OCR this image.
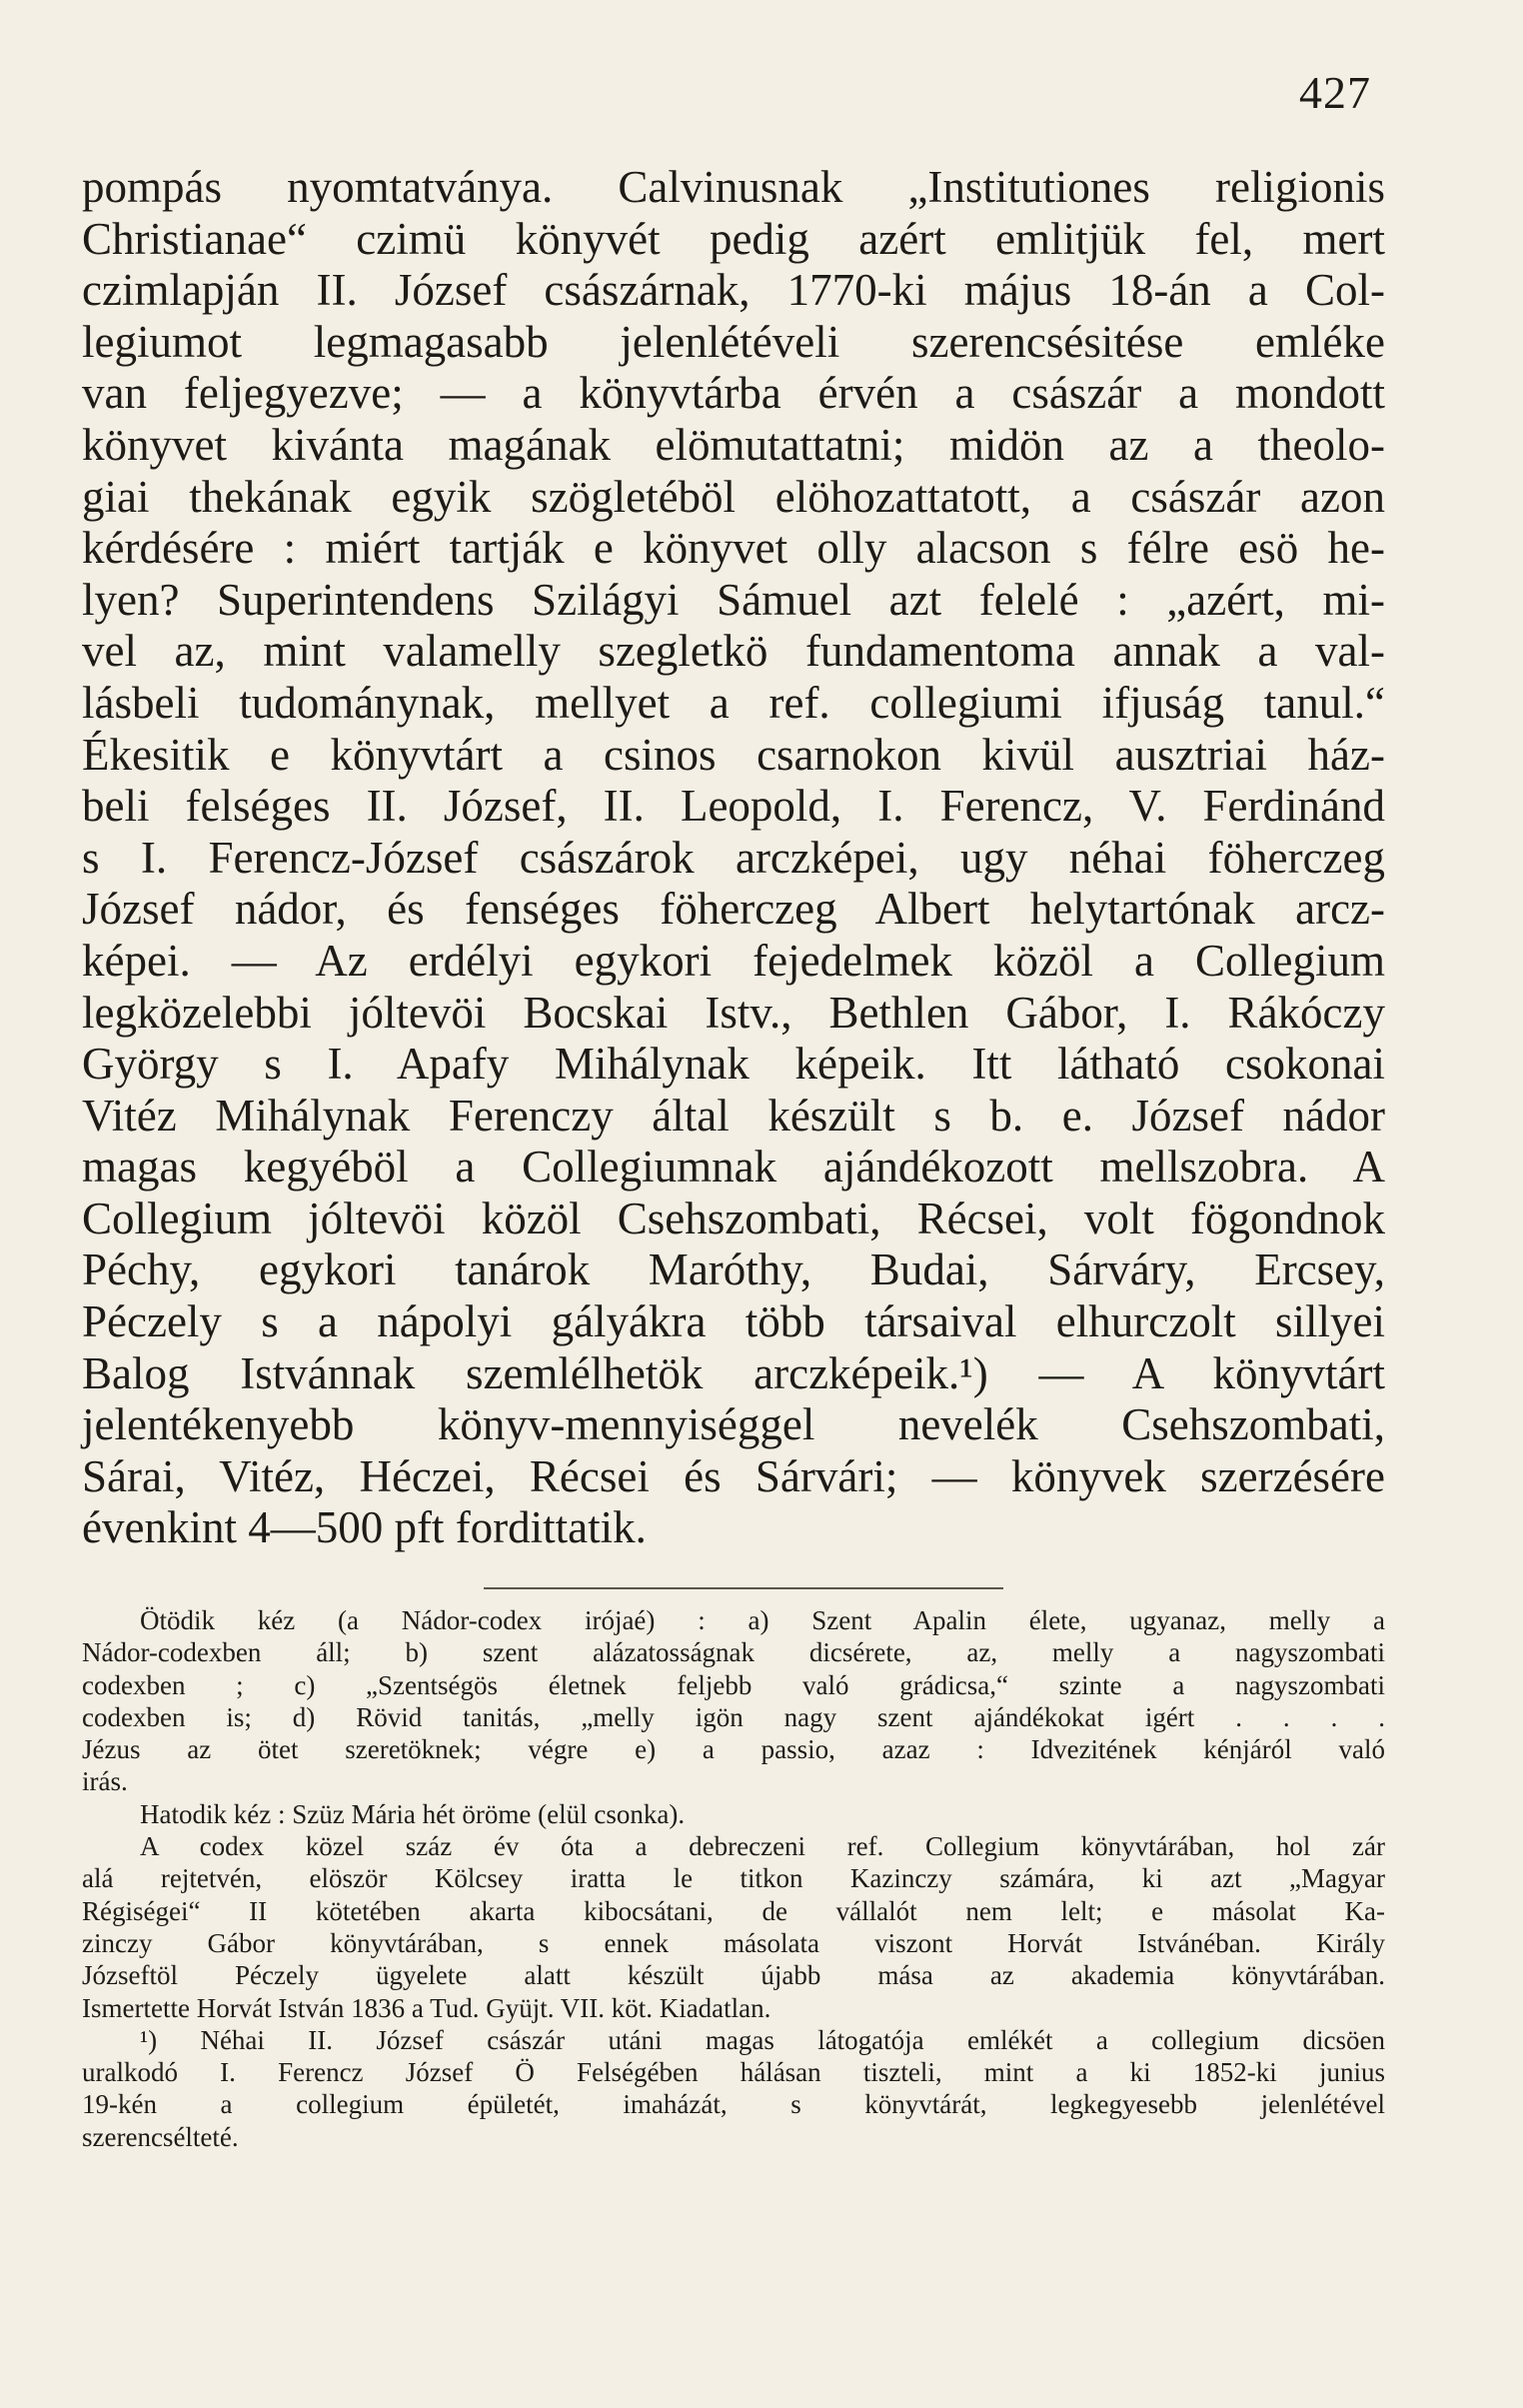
427
pompás nyomtatványa. Calvinusnak „Institutiones religionis
Christianae“ czimü könyvét pedig azért emlitjük fel, mert
czimlapján II. József császárnak, 1770-ki május 18-án a Col-
legiumot legmagasabb jelenlétéveli szerencsésitése emléke
van feljegyezve; — a könyvtárba érvén a császár a mondott
könyvet kivánta magának elömutattatni; midön az a theolo-
giai thekának egyik szögletéböl elöhozattatott, a császár azon
kérdésére : miért tartják e könyvet olly alacson s félre esö he-
lyen? Superintendens Szilágyi Sámuel azt felelé : „azért, mi-
vel az, mint valamelly szegletkö fundamentoma annak a val-
lásbeli tudománynak, mellyet a ref. collegiumi ifjuság tanul.“
Ékesitik e könyvtárt a csinos csarnokon kivül ausztriai ház-
beli felséges II. József, II. Leopold, I. Ferencz, V. Ferdinánd
s I. Ferencz-József császárok arczképei, ugy néhai föherczeg
József nádor, és fenséges föherczeg Albert helytartónak arcz-
képei. — Az erdélyi egykori fejedelmek közöl a Collegium
legközelebbi jóltevöi Bocskai Istv., Bethlen Gábor, I. Rákóczy
György s I. Apafy Mihálynak képeik. Itt látható csokonai
Vitéz Mihálynak Ferenczy által készült s b. e. József nádor
magas kegyéböl a Collegiumnak ajándékozott mellszobra. A
Collegium jóltevöi közöl Csehszombati, Récsei, volt fögondnok
Péchy, egykori tanárok Maróthy, Budai, Sárváry, Ercsey,
Péczely s a nápolyi gályákra több társaival elhurczolt sillyei
Balog Istvánnak szemlélhetök arczképeik.¹) — A könyvtárt
jelentékenyebb könyv-mennyiséggel nevelék Csehszombati,
Sárai, Vitéz, Héczei, Récsei és Sárvári; — könyvek szerzésére
évenkint 4—500 pft fordittatik.
Ötödik kéz (a Nádor-codex irójaé) : a) Szent Apalin élete, ugyanaz, melly a
Nádor-codexben áll; b) szent alázatosságnak dicsérete, az, melly a nagyszombati
codexben ; c) „Szentségös életnek feljebb való grádicsa,“ szinte a nagyszombati
codexben is; d) Rövid tanitás, „melly igön nagy szent ajándékokat igért . . . .
Jézus az ötet szeretöknek; végre e) a passio, azaz : Idvezitének kénjáról való
irás.
Hatodik kéz : Szüz Mária hét öröme (elül csonka).
A codex közel száz év óta a debreczeni ref. Collegium könyvtárában, hol zár
alá rejtetvén, elöször Kölcsey iratta le titkon Kazinczy számára, ki azt „Magyar
Régiségei“ II kötetében akarta kibocsátani, de vállalót nem lelt; e másolat Ka-
zinczy Gábor könyvtárában, s ennek másolata viszont Horvát Istvánéban. Király
Józseftöl Péczely ügyelete alatt készült újabb mása az akademia könyvtárában.
Ismertette Horvát István 1836 a Tud. Gyüjt. VII. köt. Kiadatlan.
¹) Néhai II. József császár utáni magas látogatója emlékét a collegium dicsöen
uralkodó I. Ferencz József Ö Felségében hálásan tiszteli, mint a ki 1852-ki junius
19-kén a collegium épületét, imaházát, s könyvtárát, legkegyesebb jelenlétével
szerencséltеté.
